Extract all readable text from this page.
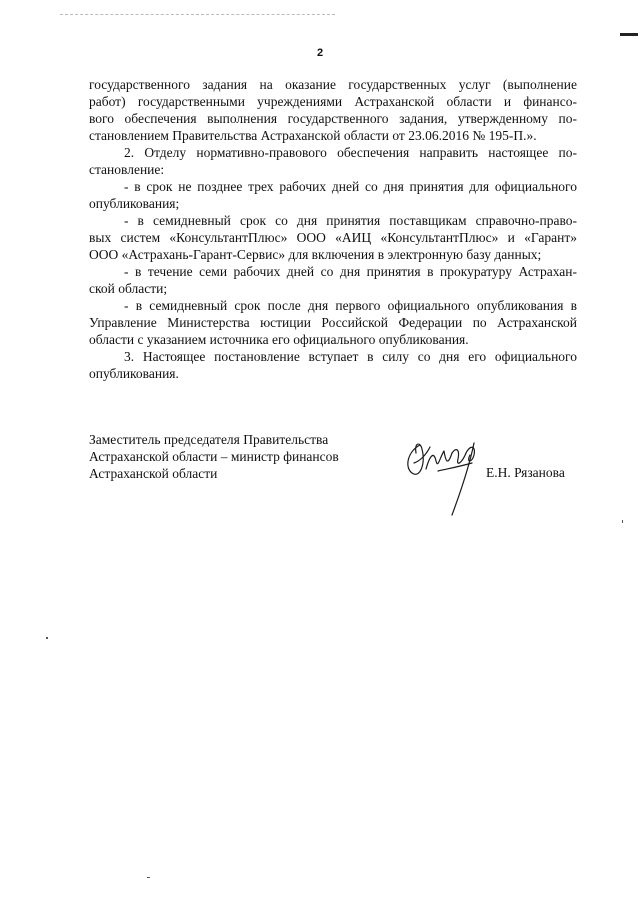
2
государственного задания на оказание государственных услуг (выполнение
работ) государственными учреждениями Астраханской области и финансо-
вого обеспечения выполнения государственного задания, утвержденному по-
становлением Правительства Астраханской области от 23.06.2016 № 195-П.».
2. Отделу нормативно-правового обеспечения направить настоящее по-
становление:
- в срок не позднее трех рабочих дней со дня принятия для официального
опубликования;
- в семидневный срок со дня принятия поставщикам справочно-право-
вых систем «КонсультантПлюс» ООО «АИЦ «КонсультантПлюс» и «Гарант»
ООО «Астрахань-Гарант-Сервис» для включения в электронную базу данных;
- в течение семи рабочих дней со дня принятия в прокуратуру Астрахан-
ской области;
- в семидневный срок после дня первого официального опубликования в
Управление Министерства юстиции Российской Федерации по Астраханской
области с указанием источника его официального опубликования.
3. Настоящее постановление вступает в силу со дня его официального
опубликования.
Заместитель председателя Правительства
Астраханской области – министр финансов
Астраханской области	Е.Н. Рязанова
